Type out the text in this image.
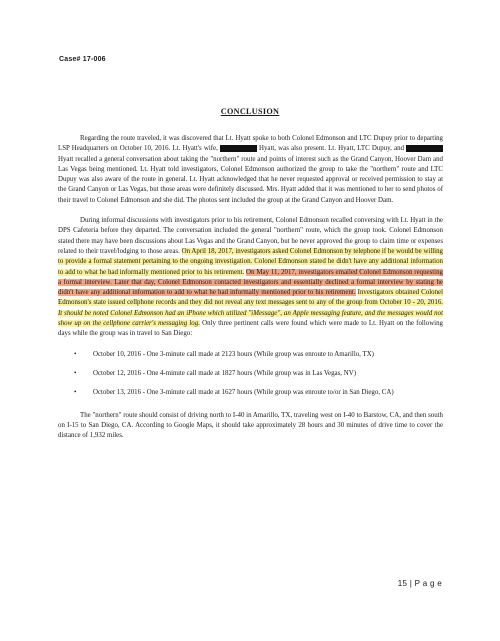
Case# 17-006
CONCLUSION

Regarding the route traveled, it was discovered that Lt. Hyatt spoke to both Colonel Edmonson and LTC Dupuy prior to departing LSP Headquarters on October 10, 2016. Lt. Hyatt's wife, XXXXXXX Hyatt, was also present. Lt. Hyatt, LTC Dupuy, and XXXXXXX Hyatt recalled a general conversation about taking the "northern" route and points of interest such as the Grand Canyon, Hoover Dam and Las Vegas being mentioned. Lt. Hyatt told investigators, Colonel Edmonson authorized the group to take the "northern" route and LTC Dupuy was also aware of the route in general. Lt. Hyatt acknowledged that he never requested approval or received permission to stay at the Grand Canyon or Las Vegas, but those areas were definitely discussed. Mrs. Hyatt added that it was mentioned to her to send photos of their travel to Colonel Edmonson and she did. The photos sent included the group at the Grand Canyon and Hoover Dam.

During informal discussions with investigators prior to his retirement, Colonel Edmonson recalled conversing with Lt. Hyatt in the DPS Cafeteria before they departed. The conversation included the general "northern" route, which the group took. Colonel Edmonson stated there may have been discussions about Las Vegas and the Grand Canyon, but he never approved the group to claim time or expenses related to their travel/lodging to those areas. On April 18, 2017, investigators asked Colonel Edmonson by telephone if he would be willing to provide a formal statement pertaining to the ongoing investigation. Colonel Edmonson stated he didn't have any additional information to add to what he had informally mentioned prior to his retirement. On May 11, 2017, investigators emailed Colonel Edmonson requesting a formal interview. Later that day, Colonel Edmonson contacted investigators and essentially declined a formal interview by stating he didn't have any additional information to add to what he had informally mentioned prior to his retirement. Investigators obtained Colonel Edmonson's state issued cellphone records and they did not reveal any text messages sent to any of the group from October 10 - 20, 2016. It should be noted Colonel Edmonson had an iPhone which utilized "iMessage", an Apple messaging feature, and the messages would not show up on the cellphone carrier's messaging log. Only three pertinent calls were found which were made to Lt. Hyatt on the following days while the group was in travel to San Diego:

• October 10, 2016 - One 3-minute call made at 2123 hours (While group was enroute to Amarillo, TX)
• October 12, 2016 - One 4-minute call made at 1827 hours (While group was in Las Vegas, NV)
• October 13, 2016 - One 3-minute call made at 1627 hours (While group was enroute to/or in San Diego, CA)

The "northern" route should consist of driving north to I-40 in Amarillo, TX, traveling west on I-40 to Barstow, CA, and then south on I-15 to San Diego, CA. According to Google Maps, it should take approximately 28 hours and 30 minutes of drive time to cover the distance of 1,932 miles.

15 | P a g e
